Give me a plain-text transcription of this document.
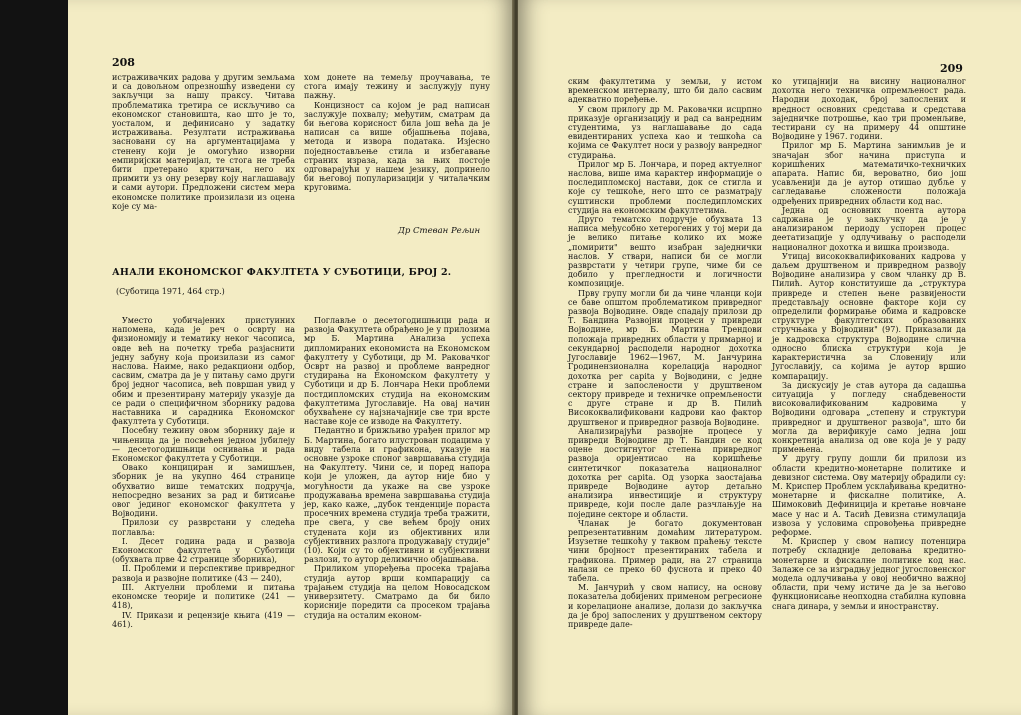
208

истраживачких радова у другим земљама и са довољном опрезношћу изведени су закључци за нашу праксу. Читава проблематика третира се искључиво са економског становишта, као што је то, уосталом, и дефинисано у задатку истраживања. Резултати истраживања засновани су на аргументацијама у стенену који је омогућио изворни емпиријски материјал, те стога не треба бити претерано критичан, него их примити уз ону резерву коју наглашавају и сами аутори. Предложени систем мера економске политике произилази из оцена које су ма-

хом донете на темељу проучавања, те стога имају тежину и заслужују пуну пажњу.

Концизност са којом је рад написан заслужује похвалу; међутим, сматрам да би његова корисност била још већа да је написан са више објашњења појава, метода и извора података. Изјесно поједностављење стила и избегавање страних израза, када за њих постоје одговарајући у нашем језику, допринело би његовој популаризацији у читалачким круговима.

Др Стеван Рељин
АНАЛИ ЕКОНОМСКОГ ФАКУЛТЕТА У СУБОТИЦИ, БРОЈ 2.
(Суботица 1971, 464 стр.)

Уместо уобичајених пристуиних напомена, када је реч о осврту на физиономију и тематику неког часописа, овде већ на почетку треба разјаснити једну забуну која произилази из самог наслова. Наиме, нако редакциони одбор, сасвим, сматра да је у питању само други број једног часописа, већ површан увид у обим и презентирану материју указује да се ради о специфичном зборнику радова наставника и сарадника Економског факултета у Суботици.

Посебну тежину овом зборнику даје и чињеница да је посвећен једном јубилеју — десетогодишњици оснивања и рада Економског факултета у Суботици.

Овако концициран и замишљен, зборник је на укупно 464 странице обухватио више тематских подручја, непосредно везаних за рад и битисање овог јединог економског факултета у Војводини.

Прилози су разврстани у следећа поглавља:

I. Десет година рада и развоја Економског факултета у Суботици (обухвата прве 42 странице зборника),

II. Проблеми и перспективе привредног развоја и развојне политике (43 — 240),

III. Актуелни проблеми и питања економске теорије и политике (241 — 418),

IV. Прикази и рецензије књига (419 —461).

Поглавље о десетогодишњици рада и развоја Факултета обрађено је у прилозима мр Б. Мартина Анализа успеха дипломираних економиста на Економском факултету у Суботици, др М. Раковачког Осврт на развој и проблеме ванредног студирања на Економском факултету у Суботици и др Б. Лончара Неки проблеми постдипломских студија на економским факултетима Југославије. На овај начин обухваћене су најзначајније све три врсте наставе које се изводе на Факултету.

Педантно и брижљиво урађен прилог мр Б. Мартина, богато илустрован подацима у виду табела и графикона, указује на основне узроке споног завршавања студија на Факултету. Чини се, и поред напора који је уложен, да аутор није био у могућности да укаже на све узроке продужавања времена завршавања студија јер, како каже, „дубок тенденције пораста просечних времена студија треба тражити, пре свега, у све већем броју оних студената који из објективних или субјективних разлога продужавају студије" (10). Који су то објективни и субјективни разлози, то аутор делимично објашњава.

Приликом упоређења просека трајања студија аутор врши компарацију са трајањем студија на целом Новосадском универзитету. Сматрамо да би било корисније поредити са просеком трајања студија на осталим економ-

209

ским факултетима у земљи, у истом временском интервалу, што би дало сасвим адекватно поређење.

У свом прилогу др М. Раковачки исцрпно приказује организацију и рад са ванредним студентима, уз наглашавање до сада евидентираних успеха као и тешкоћа са којима се Факултет носи у развоју ванредног студирања.

Прилог мр Б. Лончара, и поред актуелног наслова, више има карактер информације о последипломској настави, док се стигла и које су тешкоће, него што се разматрају суштински проблеми последипломских студија на економским факултетима.

Друго тематско подручје обухвата 13 написа међусобно хетерогених у тој мери да је велико питање колико их може „помирити" вешто изабран заједнички наслов. У ствари, написи би се могли разврстати у четири групе, чиме би се добило у прегледности и логичности композиције.

Прву групу могли би да чине чланци који се баве општом проблематиком привредног развоја Војводине. Овде спадају прилози др Т. Бандина Развојни процеси у привреди Војводине, мр Б. Мартина Трендови положаја привредних области у примарној и секундарној расподели народног дохотка Југославије 1962—1967, М. Јанчурина Гродинензионална корелација народног дохотка per capita у Војводини, с једне стране и запослености у друштвеном сектору привреде и техничке опремљености с друге стране и др В. Пилић Висококвалификовани кадрови као фактор друштвеног и привредног развоја Војводине.

Анализирајући развојне процесе у привреди Војводине др Т. Бандин се код оцене достигнутог степена привредног развоја оријентисао на коришћење синтетичког показатеља националног дохотка per capita. Од узорка заостајања привреде Војводине аутор детаљно анализира инвестиције и структуру привреде, који после дале разчлањује на поједине секторе и области.

Чланак је богато документован репрезентативним домаћим литературом. Изузетне тешкоћу у таквом праћењу тексте чини бројност презентираних табела и графикона. Пример ради, на 27 страница налази се преко 60 фуснота и преко 40 табела.

М. Јанчурић у свом напису, на основу показатеља добијених применом регресионе и корелационе анализе, долази до закључка да је број запослених у друштвеном сектору привреде дале-

ко утицајнији на висину националног дохотка него техничка опремљеност рада. Народни доходак, број запослених и вредност основних средстава и средстава заједничке потрошње, као три променљиве, тестирани су на примеру 44 општине Војводине у 1967. години.

Прилог мр Б. Мартина занимљив је и значајан због начина приступа и коришћених математичко-техничких апарата. Напис би, вероватно, био још усављенији да је аутор отишао дубље у сагледавање сложености положаја одређених привредних области код нас.

Једна од основних поента аутора садржана је у закључку да је у анализираном периоду успорен процес деетатизације у одлучивању о расподели националног дохотка и вишка производа.

Утицај висококвалификованих кадрова у даљем друштвеном и привредном развоју Војводине анализира у свом чланку др В. Пилић. Аутор конституише да „структура привреде и степен њене развијености представљају основне факторе који су определили формирање обима и кадровске структуре факултетских образованих стручњака у Војводини" (97). Приказали да је кадровска структура Војводине слична односно блиска структури која је карактеристична за Словенију или Југославију, са којима је аутор вршио компарацију.

За дискусију је став аутора да садашња ситуација у погледу снабдевености високовалификованим кадровима у Војводини одговара „степену и структури привредног и друштвеног развоја", што би могла да верификује само једна још конкретнија анализа од ове која је у раду примењена.

У другу групу дошли би прилози из области кредитно-монетарне политике и девизног система. Ову материју обрадили су: М. Криспер Проблем усклађивања кредитно-монетарне и фискалне политике, А. Шимоковић Дефиниција и кретање новчане масе у нас и А. Тасић Девизна стимулација извоза у условима спровођења привредне реформе.

М. Криспер у свом напису потенцира потребу складније деловања кредитно-монетарне и фискалне политике код нас. Залаже се за изградњу једног југословенског модела одлучивања у овој необично важној области, при чему истиче да је за његово функционисање неопходна стабилна куповна снага динара, у земљи и иностранству.
